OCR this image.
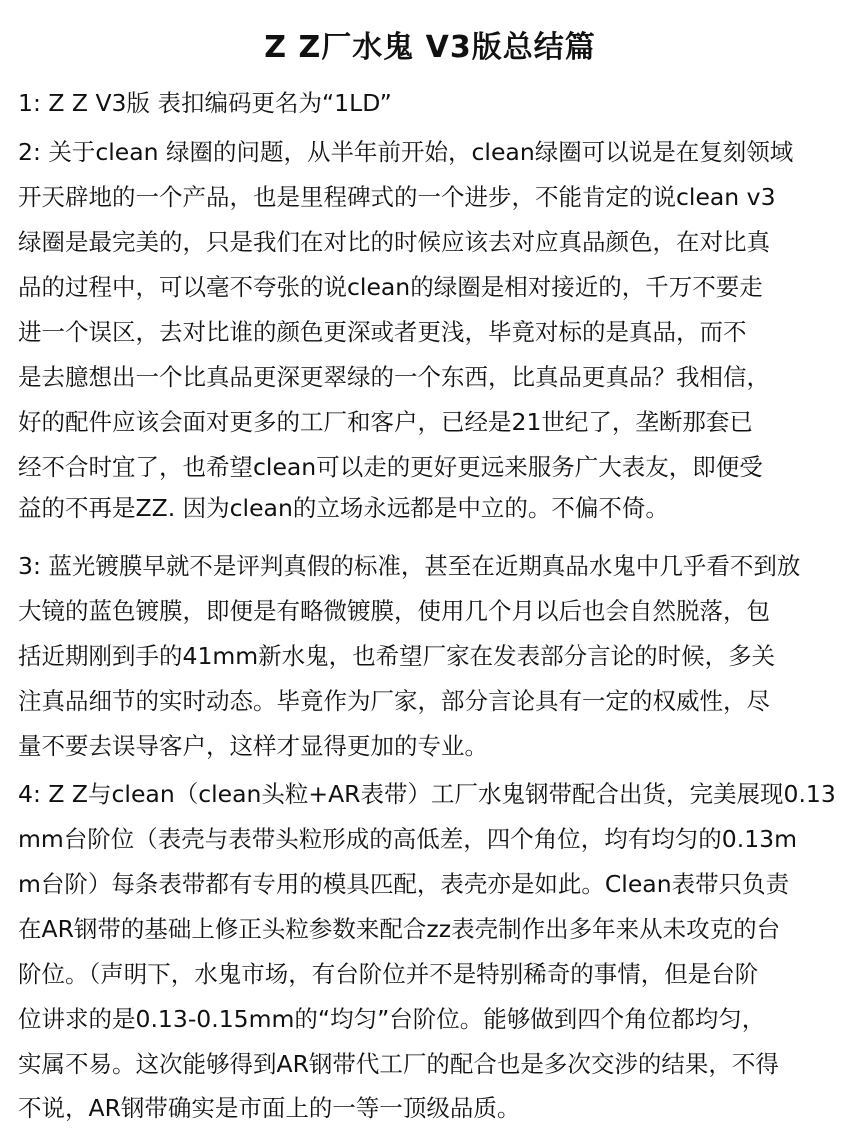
Z Z厂水鬼 V3版总结篇
1: Z Z V3版 表扣编码更名为“1LD”
2: 关于clean 绿圈的问题，从半年前开始，clean绿圈可以说是在复刻领域
开天辟地的一个产品，也是里程碑式的一个进步，不能肯定的说clean v3
绿圈是最完美的，只是我们在对比的时候应该去对应真品颜色，在对比真
品的过程中，可以毫不夸张的说clean的绿圈是相对接近的，千万不要走
进一个误区，去对比谁的颜色更深或者更浅，毕竟对标的是真品，而不
是去臆想出一个比真品更深更翠绿的一个东西，比真品更真品？我相信，
好的配件应该会面对更多的工厂和客户，已经是21世纪了，垄断那套已
经不合时宜了，也希望clean可以走的更好更远来服务广大表友，即便受
益的不再是ZZ. 因为clean的立场永远都是中立的。不偏不倚。
3: 蓝光镀膜早就不是评判真假的标准，甚至在近期真品水鬼中几乎看不到放
大镜的蓝色镀膜，即便是有略微镀膜，使用几个月以后也会自然脱落，包
括近期刚到手的41mm新水鬼，也希望厂家在发表部分言论的时候，多关
注真品细节的实时动态。毕竟作为厂家，部分言论具有一定的权威性，尽
量不要去误导客户，这样才显得更加的专业。
4: Z Z与clean（clean头粒+AR表带）工厂水鬼钢带配合出货，完美展现0.13
mm台阶位（表壳与表带头粒形成的高低差，四个角位，均有均匀的0.13m
m台阶）每条表带都有专用的模具匹配，表壳亦是如此。Clean表带只负责
在AR钢带的基础上修正头粒参数来配合zz表壳制作出多年来从未攻克的台
阶位。（声明下，水鬼市场，有台阶位并不是特别稀奇的事情，但是台阶
位讲求的是0.13-0.15mm的“均匀”台阶位。能够做到四个角位都均匀，
实属不易。这次能够得到AR钢带代工厂的配合也是多次交涉的结果，不得
不说，AR钢带确实是市面上的一等一顶级品质。
